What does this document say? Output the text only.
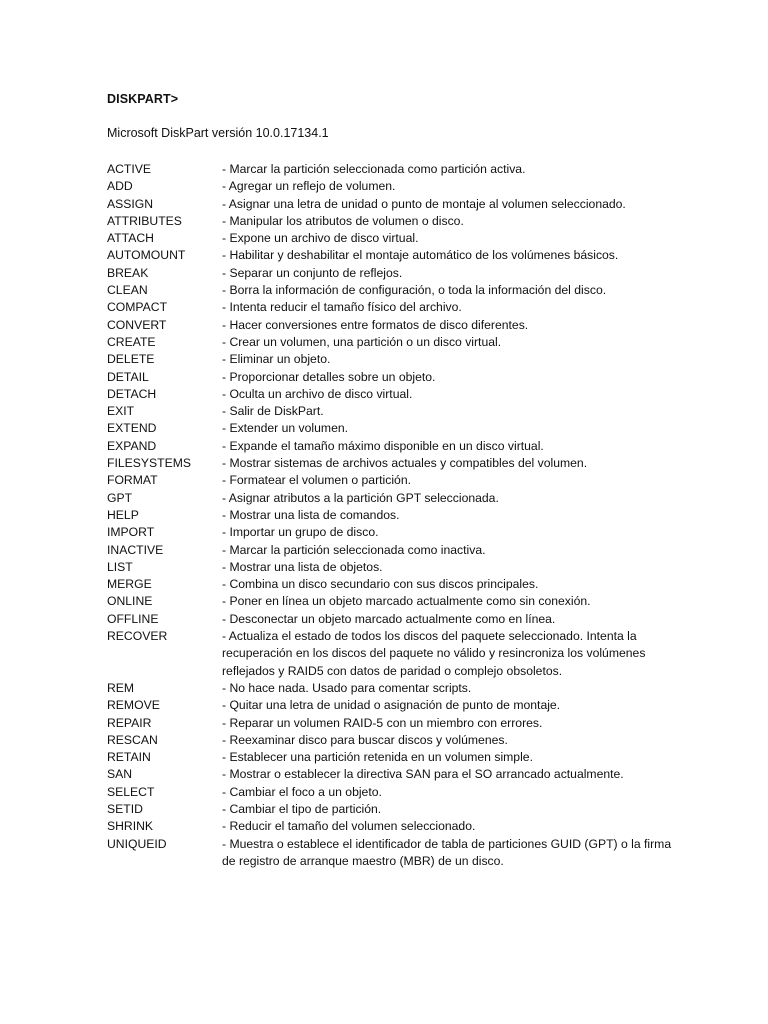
DISKPART>
Microsoft DiskPart versión 10.0.17134.1
ACTIVE	- Marcar la partición seleccionada como partición activa.
ADD	- Agregar un reflejo de volumen.
ASSIGN	- Asignar una letra de unidad o punto de montaje al volumen seleccionado.
ATTRIBUTES	- Manipular los atributos de volumen o disco.
ATTACH	- Expone un archivo de disco virtual.
AUTOMOUNT	- Habilitar y deshabilitar el montaje automático de los volúmenes básicos.
BREAK	- Separar un conjunto de reflejos.
CLEAN	- Borra la información de configuración, o toda la información del disco.
COMPACT	- Intenta reducir el tamaño físico del archivo.
CONVERT	- Hacer conversiones entre formatos de disco diferentes.
CREATE	- Crear un volumen, una partición o un disco virtual.
DELETE	- Eliminar un objeto.
DETAIL	- Proporcionar detalles sobre un objeto.
DETACH	- Oculta un archivo de disco virtual.
EXIT	- Salir de DiskPart.
EXTEND	- Extender un volumen.
EXPAND	- Expande el tamaño máximo disponible en un disco virtual.
FILESYSTEMS	- Mostrar sistemas de archivos actuales y compatibles del volumen.
FORMAT	- Formatear el volumen o partición.
GPT	- Asignar atributos a la partición GPT seleccionada.
HELP	- Mostrar una lista de comandos.
IMPORT	- Importar un grupo de disco.
INACTIVE	- Marcar la partición seleccionada como inactiva.
LIST	- Mostrar una lista de objetos.
MERGE	- Combina un disco secundario con sus discos principales.
ONLINE	- Poner en línea un objeto marcado actualmente como sin conexión.
OFFLINE	- Desconectar un objeto marcado actualmente como en línea.
RECOVER	- Actualiza el estado de todos los discos del paquete seleccionado. Intenta la
recuperación en los discos del paquete no válido y resincroniza los volúmenes
reflejados y RAID5 con datos de paridad o complejo obsoletos.
REM	- No hace nada. Usado para comentar scripts.
REMOVE	- Quitar una letra de unidad o asignación de punto de montaje.
REPAIR	- Reparar un volumen RAID-5 con un miembro con errores.
RESCAN	- Reexaminar disco para buscar discos y volúmenes.
RETAIN	- Establecer una partición retenida en un volumen simple.
SAN	- Mostrar o establecer la directiva SAN para el SO arrancado actualmente.
SELECT	- Cambiar el foco a un objeto.
SETID	- Cambiar el tipo de partición.
SHRINK	- Reducir el tamaño del volumen seleccionado.
UNIQUEID	- Muestra o establece el identificador de tabla de particiones GUID (GPT) o la firma
de registro de arranque maestro (MBR) de un disco.
